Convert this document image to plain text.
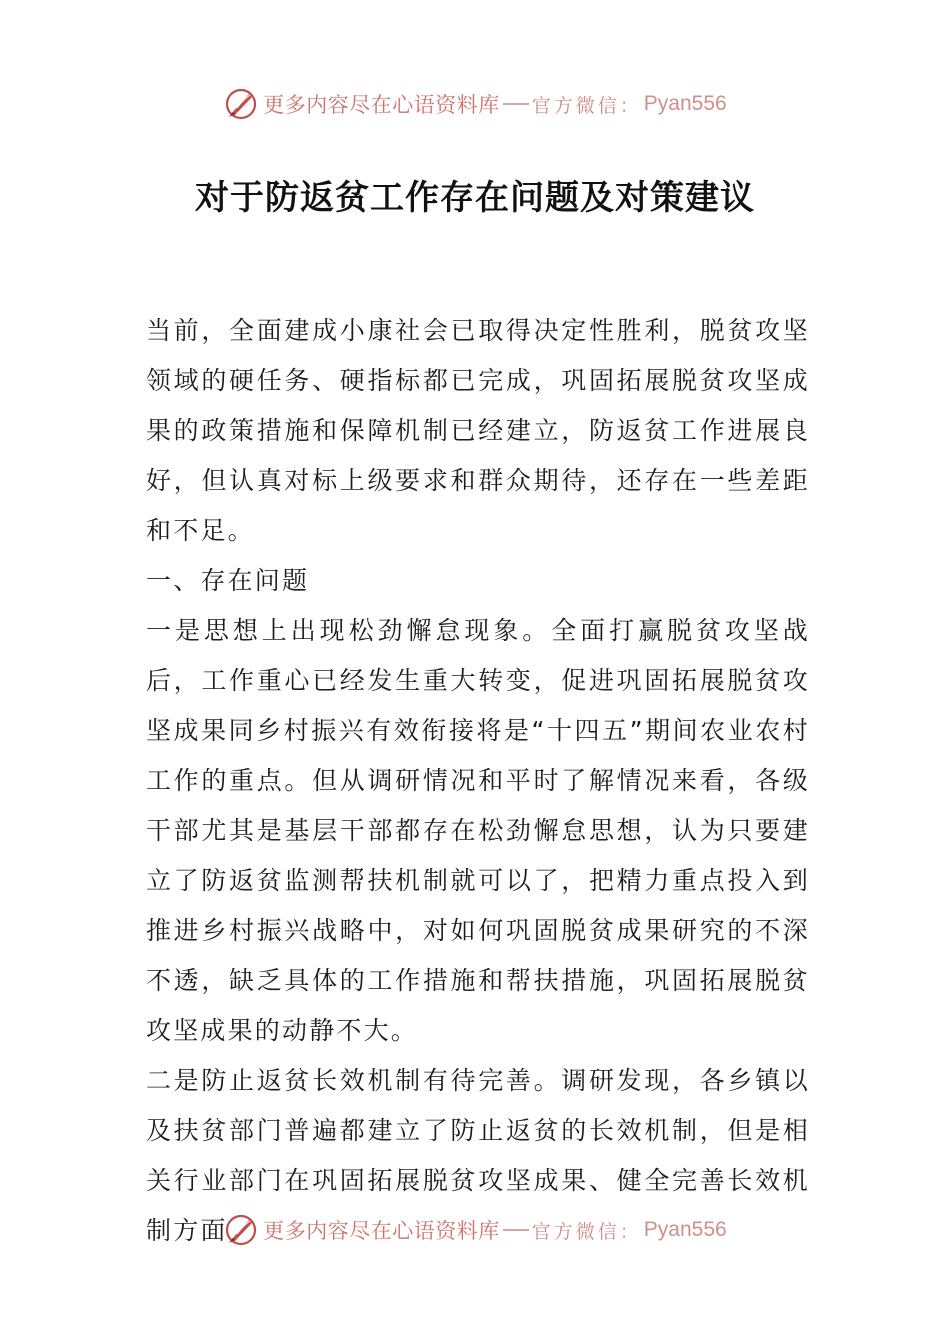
更多内容尽在心语资料库 官方微信： Pyan556
对于防返贫工作存在问题及对策建议

当前，全面建成小康社会已取得决定性胜利，脱贫攻坚领域的硬任务、硬指标都已完成，巩固拓展脱贫攻坚成果的政策措施和保障机制已经建立，防返贫工作进展良好，但认真对标上级要求和群众期待，还存在一些差距和不足。

一、存在问题

一是思想上出现松劲懈怠现象。全面打赢脱贫攻坚战后，工作重心已经发生重大转变，促进巩固拓展脱贫攻坚成果同乡村振兴有效衔接将是“十四五”期间农业农村工作的重点。但从调研情况和平时了解情况来看，各级干部尤其是基层干部都存在松劲懈怠思想，认为只要建立了防返贫监测帮扶机制就可以了，把精力重点投入到推进乡村振兴战略中，对如何巩固脱贫成果研究的不深不透，缺乏具体的工作措施和帮扶措施，巩固拓展脱贫攻坚成果的动静不大。

二是防止返贫长效机制有待完善。调研发现，各乡镇以及扶贫部门普遍都建立了防止返贫的长效机制，但是相关行业部门在巩固拓展脱贫攻坚成果、健全完善长效机制方面	更多内容尽在心语资料库 官方微信： Pyan556
